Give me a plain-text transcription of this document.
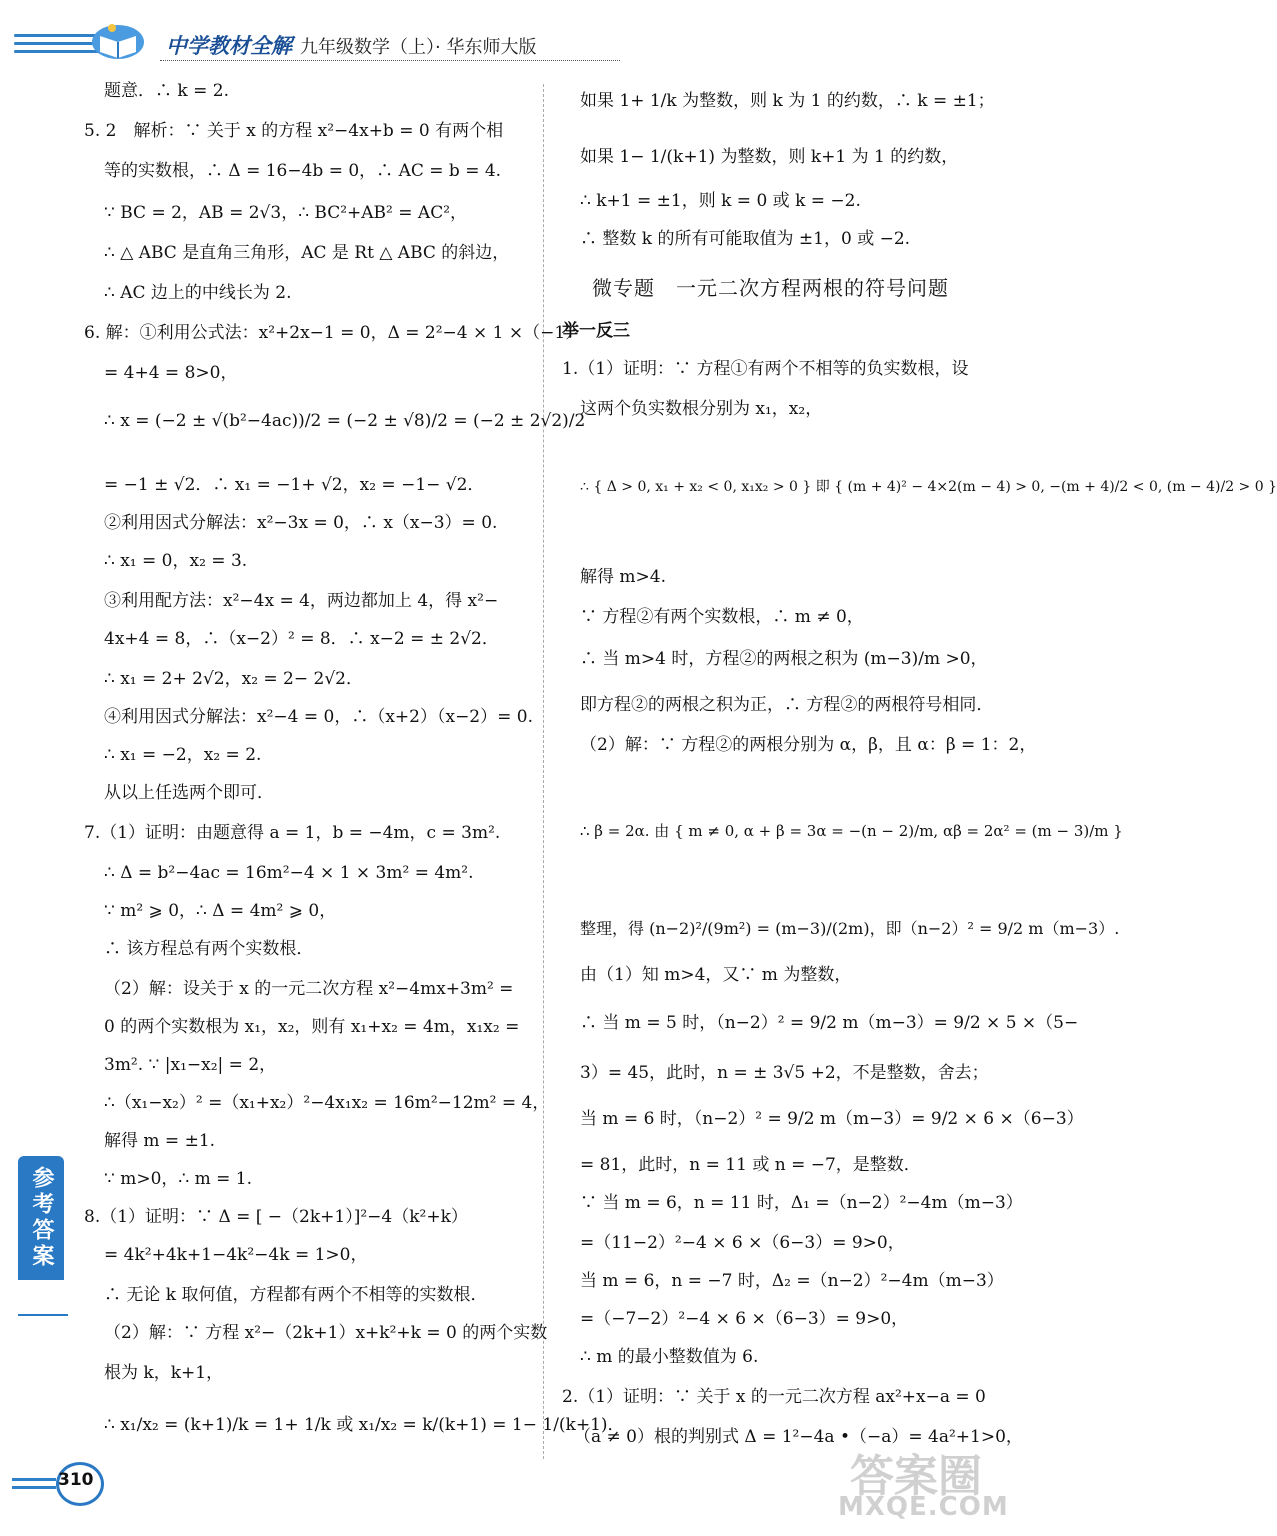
中学教材全解 九年级数学（上）· 华东师大版
题意．∴ k = 2.
5. 2　解析：∵ 关于 x 的方程 x²−4x+b = 0 有两个相
等的实数根，∴ Δ = 16−4b = 0，∴ AC = b = 4.
∵ BC = 2，AB = 2√3，∴ BC²+AB² = AC²，
∴ △ ABC 是直角三角形，AC 是 Rt △ ABC 的斜边，
∴ AC 边上的中线长为 2.
6. 解：①利用公式法：x²+2x−1 = 0，Δ = 2²−4 × 1 ×（−1）
= 4+4 = 8>0，
∴ x = (−2 ± √(b²−4ac))/2 = (−2 ± √8)/2 = (−2 ± 2√2)/2
= −1 ± √2．∴ x₁ = −1+ √2，x₂ = −1− √2．
②利用因式分解法：x²−3x = 0，∴ x（x−3）= 0.
∴ x₁ = 0，x₂ = 3.
③利用配方法：x²−4x = 4，两边都加上 4，得 x²−
4x+4 = 8，∴（x−2）² = 8．∴ x−2 = ± 2√2．
∴ x₁ = 2+ 2√2，x₂ = 2− 2√2．
④利用因式分解法：x²−4 = 0，∴（x+2）（x−2）= 0.
∴ x₁ = −2，x₂ = 2.
从以上任选两个即可．
7.（1）证明：由题意得 a = 1，b = −4m，c = 3m².
∴ Δ = b²−4ac = 16m²−4 × 1 × 3m² = 4m².
∵ m² ⩾ 0，∴ Δ = 4m² ⩾ 0，
∴ 该方程总有两个实数根．
（2）解：设关于 x 的一元二次方程 x²−4mx+3m² =
0 的两个实数根为 x₁，x₂，则有 x₁+x₂ = 4m，x₁x₂ =
3m². ∵ |x₁−x₂| = 2，
∴（x₁−x₂）² =（x₁+x₂）²−4x₁x₂ = 16m²−12m² = 4，
解得 m = ±1.
∵ m>0，∴ m = 1.
8.（1）证明：∵ Δ = [ −（2k+1）]²−4（k²+k）
= 4k²+4k+1−4k²−4k = 1>0，
∴ 无论 k 取何值，方程都有两个不相等的实数根．
（2）解：∵ 方程 x²−（2k+1）x+k²+k = 0 的两个实数
根为 k，k+1，
∴ x₁/x₂ = (k+1)/k = 1+ 1/k 或 x₁/x₂ = k/(k+1) = 1− 1/(k+1)．
如果 1+ 1/k 为整数，则 k 为 1 的约数，∴ k = ±1；
如果 1− 1/(k+1) 为整数，则 k+1 为 1 的约数，
∴ k+1 = ±1，则 k = 0 或 k = −2.
∴ 整数 k 的所有可能取值为 ±1，0 或 −2.
微专题　一元二次方程两根的符号问题
举一反三
1.（1）证明：∵ 方程①有两个不相等的负实数根，设
这两个负实数根分别为 x₁，x₂，
∴ { Δ > 0, x₁ + x₂ < 0, x₁x₂ > 0 } 即 { (m + 4)² − 4×2(m − 4) > 0, −(m + 4)/2 < 0, (m − 4)/2 > 0 }
解得 m>4.
∵ 方程②有两个实数根，∴ m ≠ 0，
∴ 当 m>4 时，方程②的两根之积为 (m−3)/m >0，
即方程②的两根之积为正，∴ 方程②的两根符号相同．
（2）解：∵ 方程②的两根分别为 α，β，且 α：β = 1：2，
∴ β = 2α. 由 { m ≠ 0, α + β = 3α = −(n − 2)/m, αβ = 2α² = (m − 3)/m }
整理，得 (n−2)²/(9m²) = (m−3)/(2m)，即（n−2）² = 9/2 m（m−3）.
由（1）知 m>4，又∵ m 为整数，
∴ 当 m = 5 时，（n−2）² = 9/2 m（m−3）= 9/2 × 5 ×（5−
3）= 45，此时，n = ± 3√5 +2，不是整数，舍去；
当 m = 6 时，（n−2）² = 9/2 m（m−3）= 9/2 × 6 ×（6−3）
= 81，此时，n = 11 或 n = −7，是整数．
∵ 当 m = 6，n = 11 时，Δ₁ =（n−2）²−4m（m−3）
=（11−2）²−4 × 6 ×（6−3）= 9>0，
当 m = 6，n = −7 时，Δ₂ =（n−2）²−4m（m−3）
=（−7−2）²−4 × 6 ×（6−3）= 9>0，
∴ m 的最小整数值为 6.
2.（1）证明：∵ 关于 x 的一元二次方程 ax²+x−a = 0
（a ≠ 0）根的判别式 Δ = 1²−4a •（−a）= 4a²+1>0，
参考答案
310	答案圈
MXQE.COM
